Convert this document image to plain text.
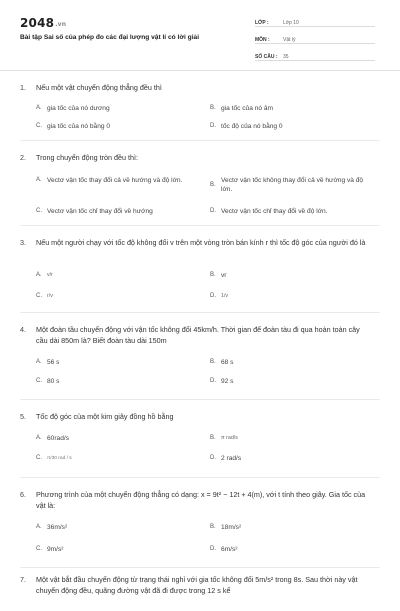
2048.vn
Bài tập Sai số của phép đo các đại lượng vật lí có lời giải
LỚP :	Lớp 10
MÔN :	Vật lý
SỐ CÂU :	35
1.	Nếu một vật chuyển động thẳng đều thì
A. gia tốc của nó dương	B. gia tốc của nó âm
C. gia tốc của nó bằng 0	D. tốc độ của nó bằng 0
2.	Trong chuyển động tròn đều thì:
A. Vectơ vận tốc thay đổi cả về hướng và độ lớn.
B.
Vectơ vận tốc không thay đổi cả về hướng và độ lớn.
C. Vectơ vận tốc chỉ thay đổi về hướng	D. Vectơ vận tốc chỉ thay đổi về độ lớn.
3.	Nếu một người chạy với tốc độ không đổi v trên một vòng tròn bán kính r thì tốc độ góc của người đó là
A.	v/r	B. vr
C. r/v	D. 1/v
4.	Một đoàn tầu chuyển động với vận tốc không đổi 45km/h. Thời gian để đoàn tàu đi qua hoàn toàn cây cầu dài 850m là? Biết đoàn tàu dài 150m
A. 56 s	B. 68 s
C. 80 s	D. 92 s
5.	Tốc độ góc của một kim giây đồng hồ bằng
A. 60rad/s	B.	π rad/s
C.	π/30 rad / s	D. 2 rad/s
6.	Phương trình của một chuyển động thẳng có dạng: x = 9t² − 12t + 4(m), với t tính theo giây. Gia tốc của vật là:
A. 36m/s²	B. 18m/s²
C. 9m/s²	D. 6m/s²
7.	Một vật bắt đầu chuyển động từ trạng thái nghỉ với gia tốc không đổi 5m/s² trong 8s. Sau thời này vật chuyển động đều, quãng đường vật đã đi được trong 12 s kể
